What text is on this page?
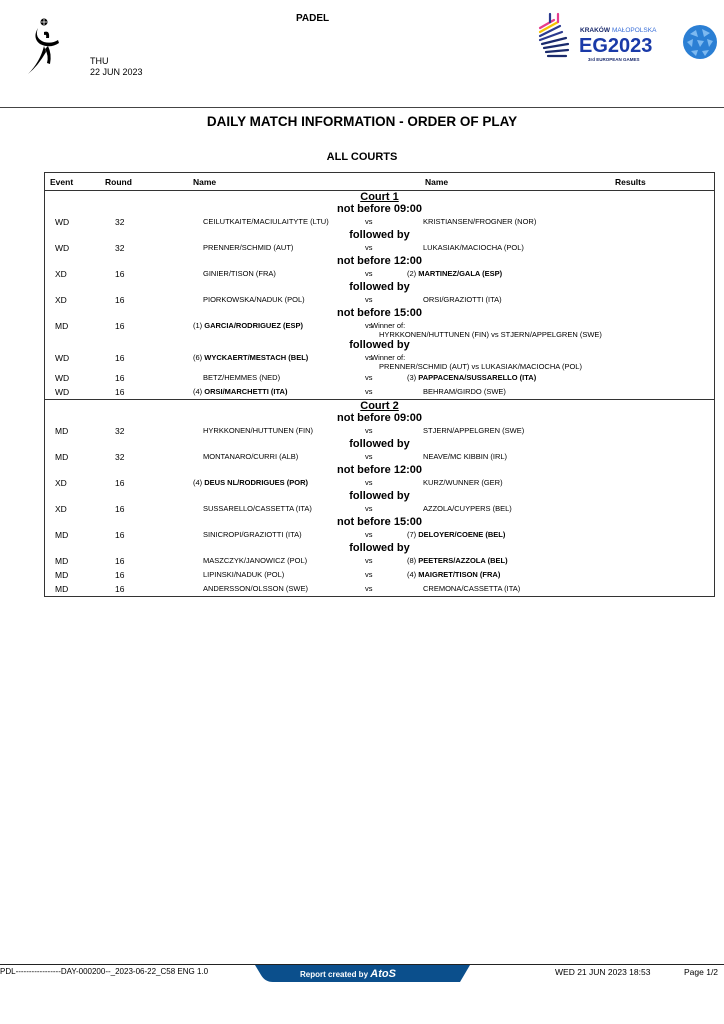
PADEL
THU
22 JUN 2023
KRAKÓW MAŁOPOLSKA
EG2023
3rd EUROPEAN GAMES
DAILY MATCH INFORMATION - ORDER OF PLAY
ALL COURTS
Event	Round	Name		Name	Results
Court 1					
not before 09:00					
WD	32	CEILUTKAITE/MACIULAITYTE (LTU)	vs	KRISTIANSEN/FROGNER (NOR)	
followed by					
WD	32	PRENNER/SCHMID (AUT)	vs	LUKASIAK/MACIOCHA (POL)	
not before 12:00					
XD	16	GINIER/TISON (FRA)	vs	(2) MARTINEZ/GALA (ESP)	
followed by					
XD	16	PIORKOWSKA/NADUK (POL)	vs	ORSI/GRAZIOTTI (ITA)	
not before 15:00					
MD	16	(1) GARCIA/RODRIGUEZ (ESP)	vs	Winner of:
HYRKKONEN/HUTTUNEN (FIN) vs STJERN/APPELGREN (SWE)	

followed by					
WD	16	(6) WYCKAERT/MESTACH (BEL)	vs	Winner of:
PRENNER/SCHMID (AUT) vs LUKASIAK/MACIOCHA (POL)	

WD	16	BETZ/HEMMES (NED)	vs	(3) PAPPACENA/SUSSARELLO (ITA)	
WD	16	(4) ORSI/MARCHETTI (ITA)	vs	BEHRAM/GIRDO (SWE)	
Court 2					
not before 09:00					
MD	32	HYRKKONEN/HUTTUNEN (FIN)	vs	STJERN/APPELGREN (SWE)	
followed by					
MD	32	MONTANARO/CURRI (ALB)	vs	NEAVE/MC KIBBIN (IRL)	
not before 12:00					
XD	16	(4) DEUS NL/RODRIGUES (POR)	vs	KURZ/WUNNER (GER)	
followed by					
XD	16	SUSSARELLO/CASSETTA (ITA)	vs	AZZOLA/CUYPERS (BEL)	
not before 15:00					
MD	16	SINICROPI/GRAZIOTTI (ITA)	vs	(7) DELOYER/COENE (BEL)	
followed by					
MD	16	MASZCZYK/JANOWICZ (POL)	vs	(8) PEETERS/AZZOLA (BEL)	
MD	16	LIPINSKI/NADUK (POL)	vs	(4) MAIGRET/TISON (FRA)	
MD	16	ANDERSSON/OLSSON (SWE)	vs	CREMONA/CASSETTA (ITA)	
PDL-----------------DAY-000200--_2023-06-22_C58 ENG 1.0	Report created by AtoS	WED 21 JUN 2023 18:53	Page 1/2
